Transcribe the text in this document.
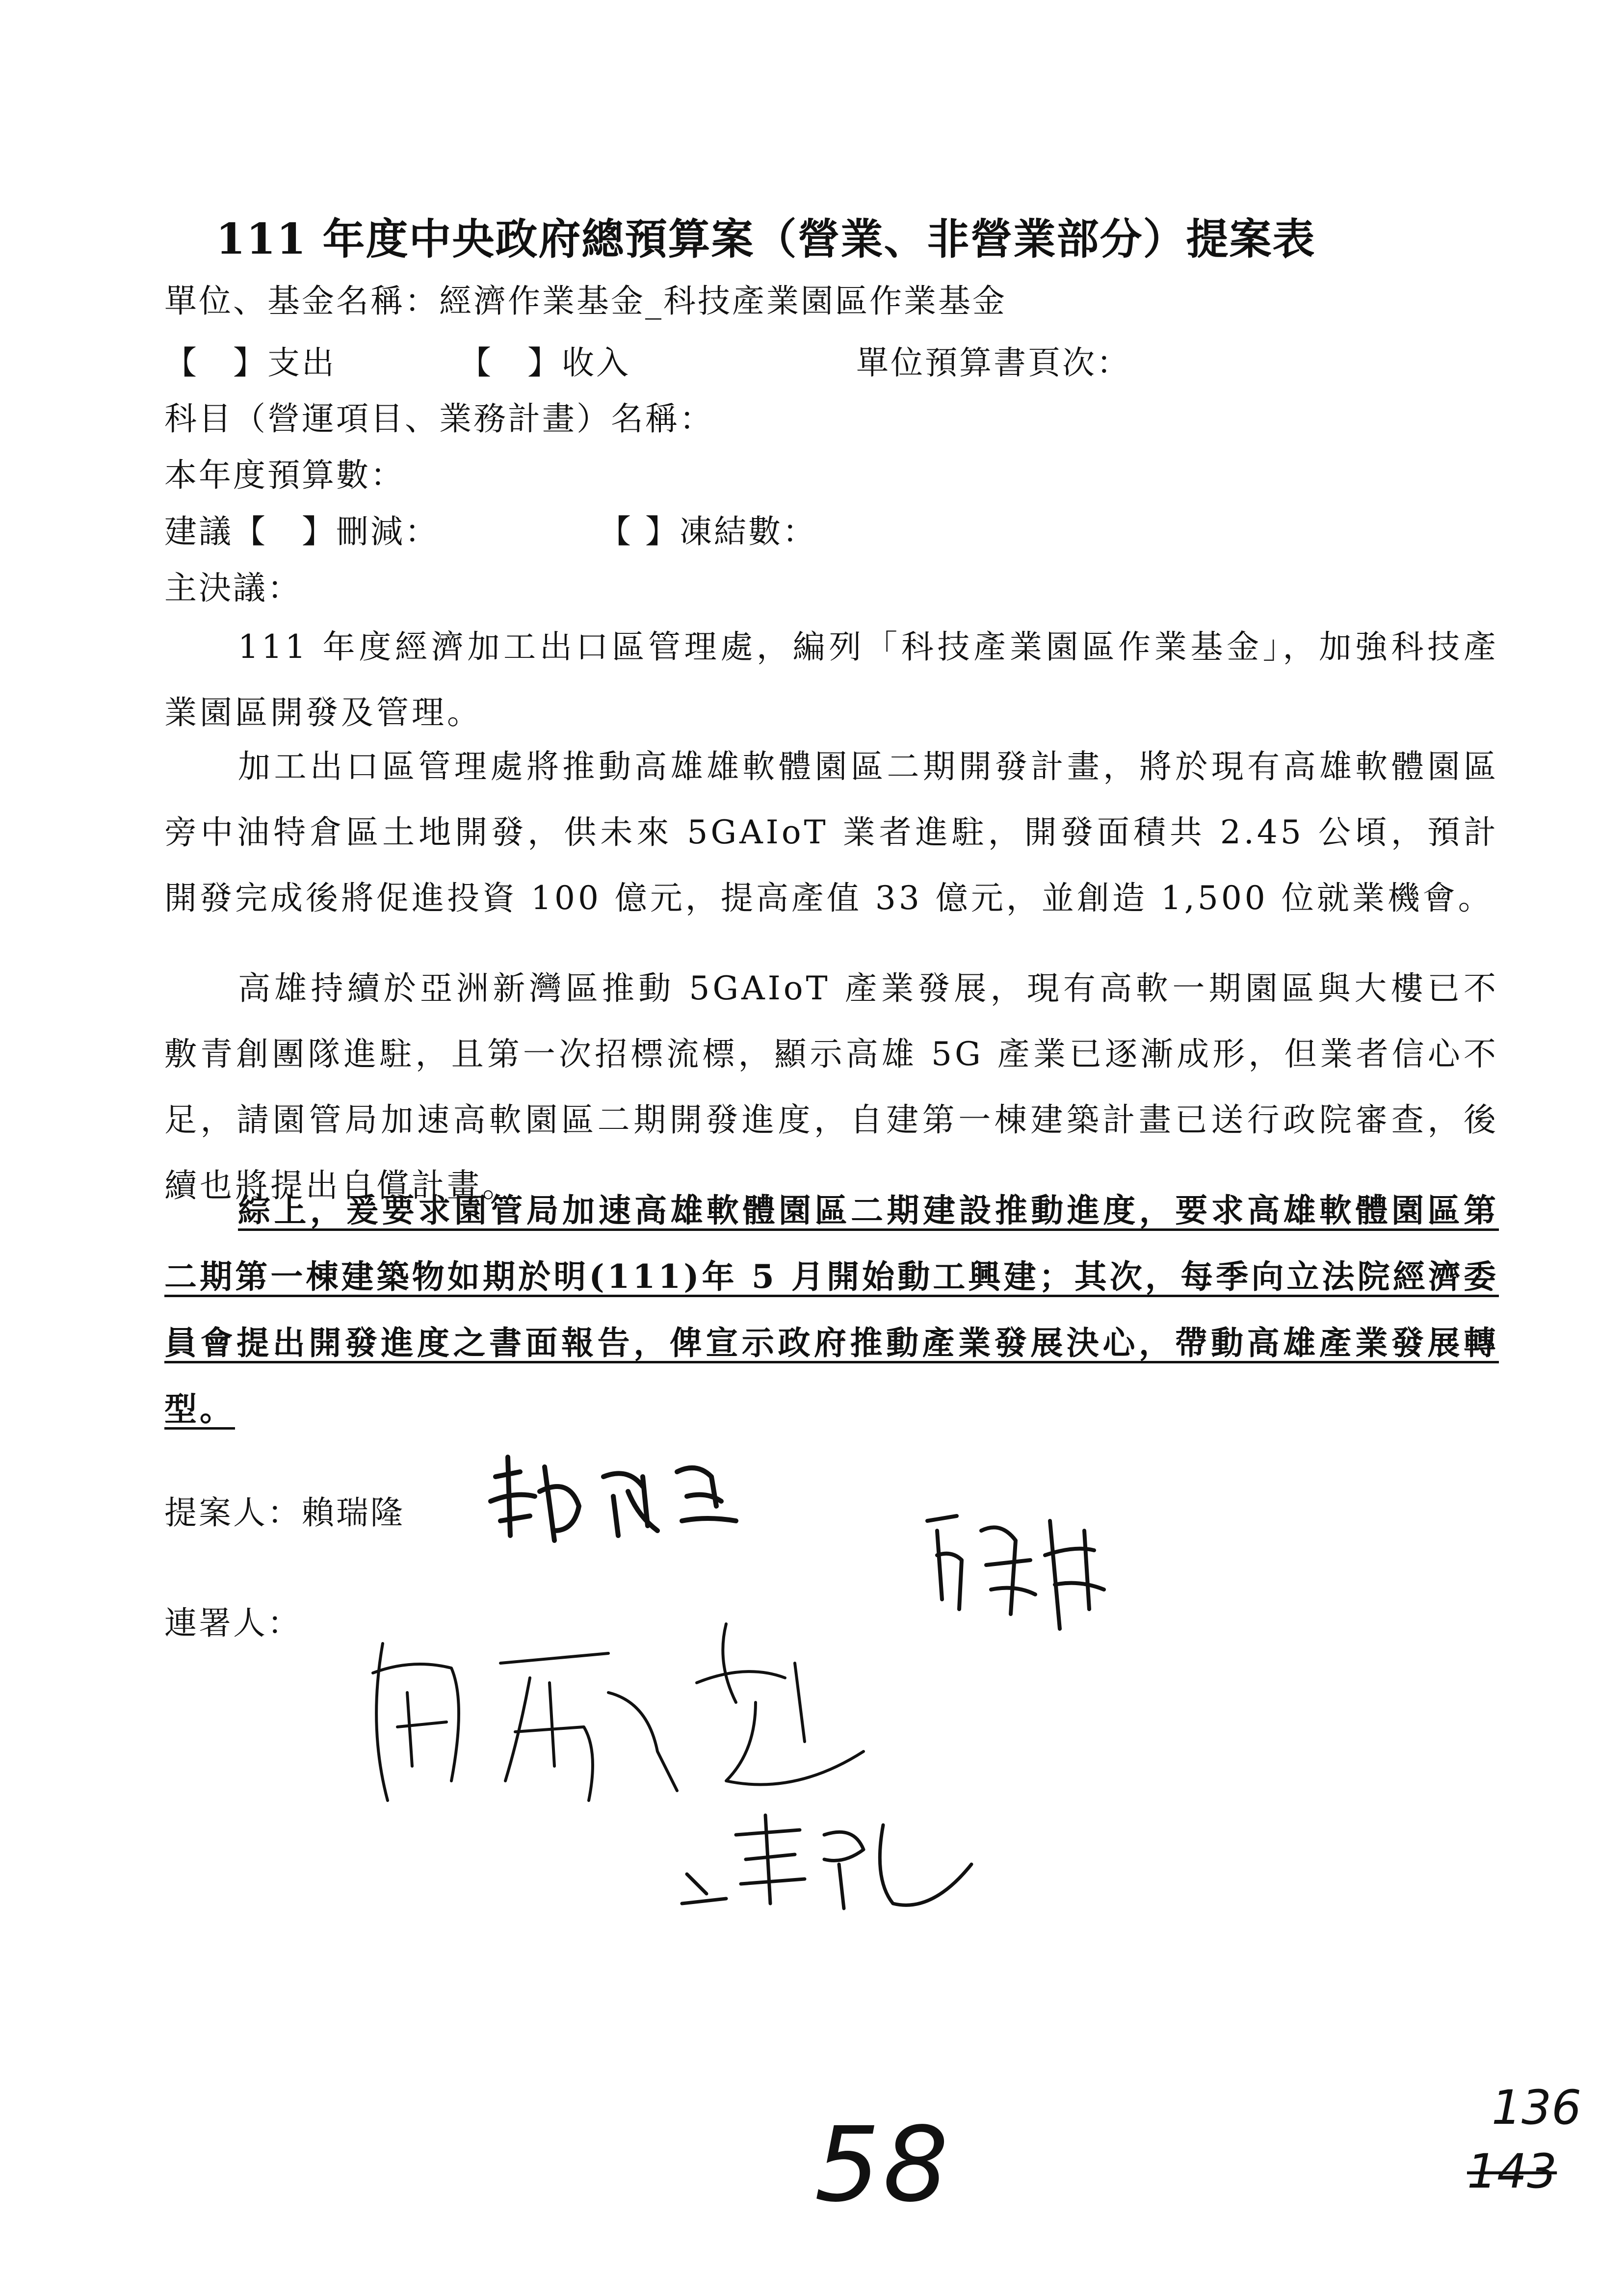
111 年度中央政府總預算案（營業、非營業部分）提案表
單位、基金名稱：經濟作業基金_科技產業園區作業基金
【　】支出	【　】收入	單位預算書頁次：
科目（營運項目、業務計畫）名稱：
本年度預算數：
建議【　】刪減：	【 】凍結數：
主決議：

111 年度經濟加工出口區管理處，編列「科技產業園區作業基金」，加強科技產業園區開發及管理。

加工出口區管理處將推動高雄雄軟體園區二期開發計畫，將於現有高雄軟體園區旁中油特倉區土地開發，供未來 5GAIoT 業者進駐，開發面積共 2.45 公頃，預計開發完成後將促進投資 100 億元，提高產值 33 億元，並創造 1,500 位就業機會。

高雄持續於亞洲新灣區推動 5GAIoT 產業發展，現有高軟一期園區與大樓已不敷青創團隊進駐，且第一次招標流標，顯示高雄 5G 產業已逐漸成形，但業者信心不足，請園管局加速高軟園區二期開發進度，自建第一棟建築計畫已送行政院審查，後續也將提出自償計畫。

綜上，爰要求園管局加速高雄軟體園區二期建設推動進度，要求高雄軟體園區第二期第一棟建築物如期於明(111)年 5 月開始動工興建；其次，每季向立法院經濟委員會提出開發進度之書面報告，俾宣示政府推動產業發展決心，帶動高雄產業發展轉型。

提案人：賴瑞隆
連署人：
58	136
143
